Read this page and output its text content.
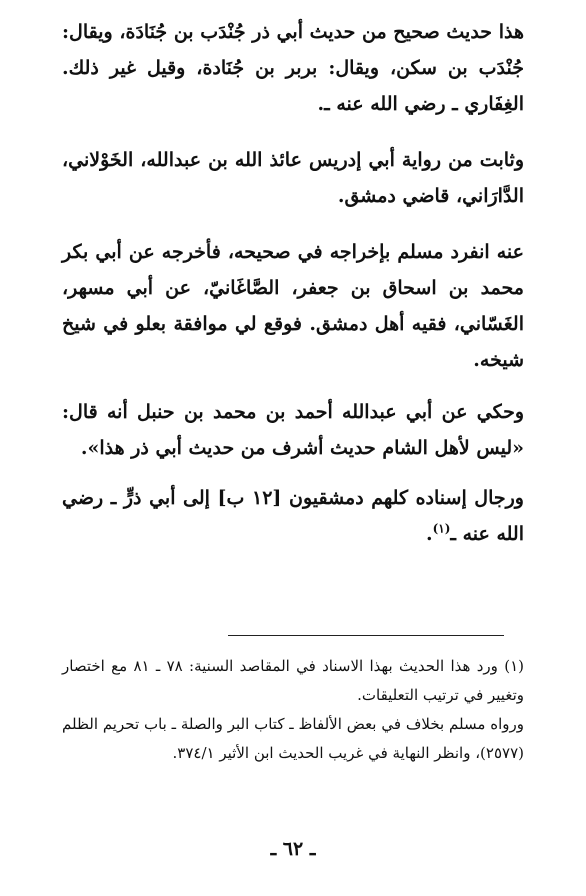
هذا حديث صحيح من حديث أبي ذر جُنْدَب بن جُنَادَة، ويقال: جُنْدَب بن سكن، ويقال: بربر بن جُنَادة، وقيل غير ذلك. الغِفَاري ـ رضي الله عنه ـ.

وثابت من رواية أبي إدريس عائذ الله بن عبدالله، الخَوْلاني، الدَّارَاني، قاضي دمشق.

عنه انفرد مسلم بإخراجه في صحيحه، فأخرجه عن أبي بكر محمد بن اسحاق بن جعفر، الصَّاغَانيّ، عن أبي مسهر، الغَسّاني، فقيه أهل دمشق. فوقع لي موافقة بعلو في شيخ شيخه.

وحكي عن أبي عبدالله أحمد بن محمد بن حنبل أنه قال: «ليس لأهل الشام حديث أشرف من حديث أبي ذر هذا».

ورجال إسناده كلهم دمشقيون [١٢ ب] إلى أبي ذرٍّ ـ رضي الله عنه ـ$^{(١)}$.

(١) ورد هذا الحديث بهذا الاسناد في المقاصد السنية: ٧٨ ـ ٨١ مع اختصار وتغيير في ترتيب التعليقات.

ورواه مسلم بخلاف في بعض الألفاظ ـ كتاب البر والصلة ـ باب تحريم الظلم (٢٥٧٧)، وانظر النهاية في غريب الحديث ابن الأثير ٣٧٤/١.

ـ ٦٢ ـ
